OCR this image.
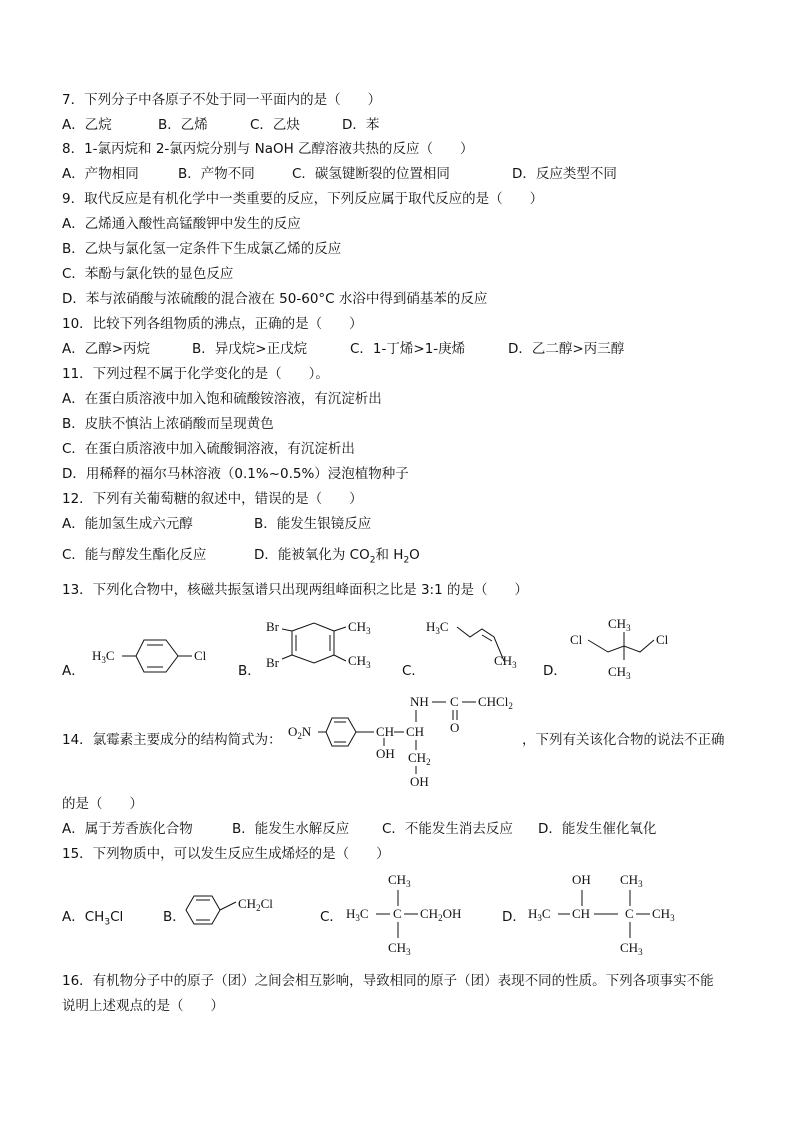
7．下列分子中各原子不处于同一平面内的是（　　）
A．乙烷	B．乙烯	C．乙炔	D．苯
8．1-氯丙烷和 2-氯丙烷分别与 NaOH 乙醇溶液共热的反应（　　）
A．产物相同	B．产物不同	C．碳氢键断裂的位置相同	D．反应类型不同
9．取代反应是有机化学中一类重要的反应，下列反应属于取代反应的是（　　）
A．乙烯通入酸性高锰酸钾中发生的反应
B．乙炔与氯化氢一定条件下生成氯乙烯的反应
C．苯酚与氯化铁的显色反应
D．苯与浓硝酸与浓硫酸的混合液在 50-60°C 水浴中得到硝基苯的反应
10．比较下列各组物质的沸点，正确的是（　　）
A．乙醇>丙烷	B．异戊烷>正戊烷	C．1-丁烯>1-庚烯	D．乙二醇>丙三醇
11．下列过程不属于化学变化的是（　　）。
A．在蛋白质溶液中加入饱和硫酸铵溶液，有沉淀析出
B．皮肤不慎沾上浓硝酸而呈现黄色
C．在蛋白质溶液中加入硫酸铜溶液，有沉淀析出
D．用稀释的福尔马林溶液（0.1%~0.5%）浸泡植物种子
12．下列有关葡萄糖的叙述中，错误的是（　　）
A．能加氢生成六元醇	B．能发生银镜反应
C．能与醇发生酯化反应	D．能被氧化为 $CO_2$和 $H_2O$
13．下列化合物中，核磁共振氢谱只出现两组峰面积之比是 3:1 的是（　　）
A．	B．	C．	D．
$H_3C$	Cl
Br
Br
$CH_3$
$CH_3$
$H_3C$
$CH_3$
$CH_3$
$CH_3$
Cl	Cl
14．氯霉素主要成分的结构简式为：
$O_2N$	CH CH
OH
NH C
O
CHCl$_2$
$CH_2$
OH
，下列有关该化合物的说法不正确
的是（　　）
A．属于芳香族化合物	B．能发生水解反应 C．不能发生消去反应 D．能发生催化氧化
15．下列物质中，可以发生反应生成烯烃的是（　　）
A．$CH_3Cl$	B．
$CH_2Cl$
C．
$CH_3$
$H_3C$ C $CH_2OH$
$CH_3$
D．
OH $CH_3$
$H_3C$ CH	C $CH_3$
$CH_3$
16．有机物分子中的原子（团）之间会相互影响，导致相同的原子（团）表现不同的性质。下列各项事实不能
说明上述观点的是（　　）
